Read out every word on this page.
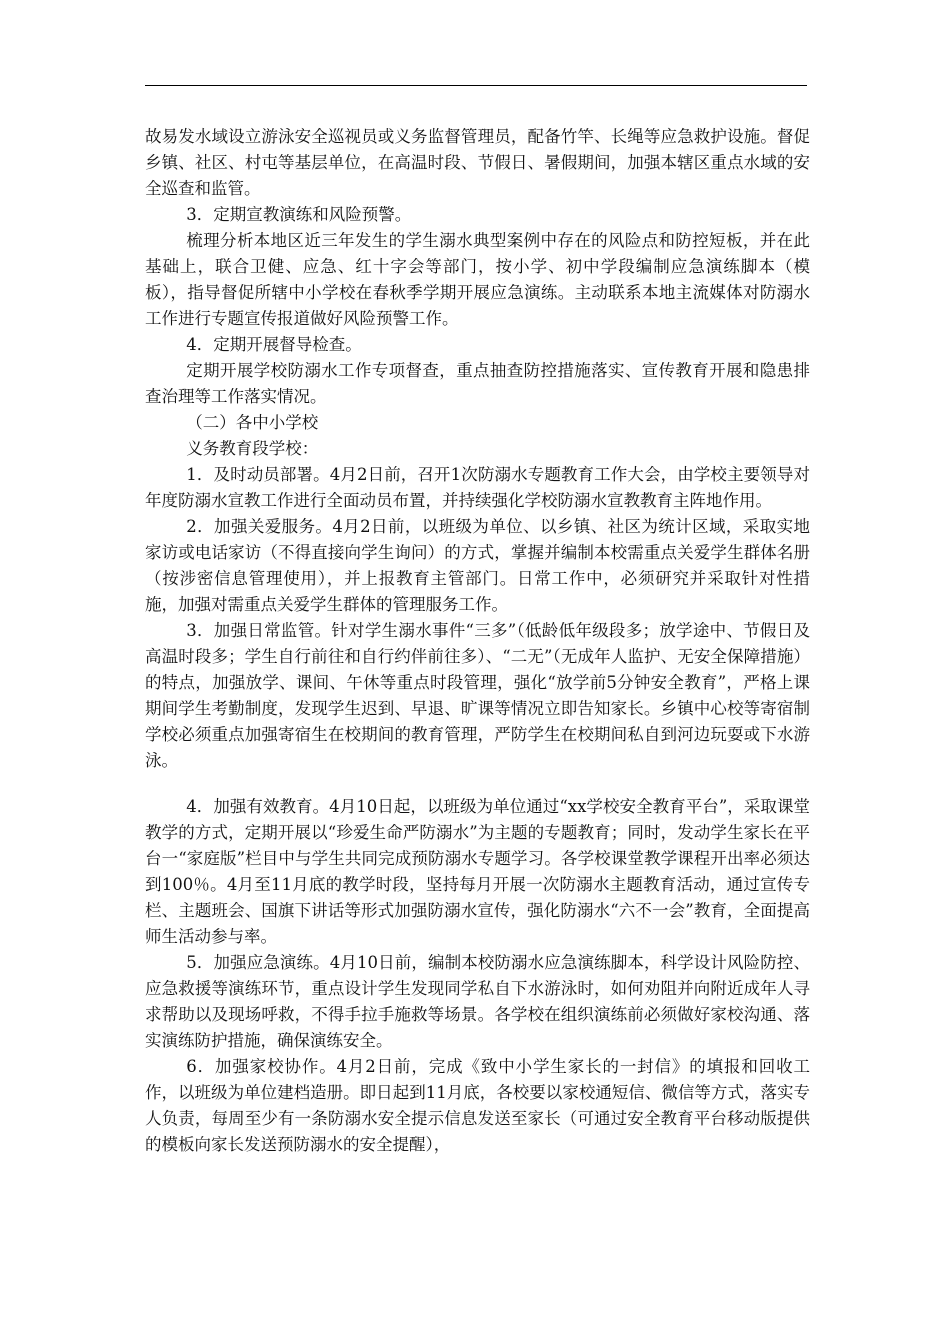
故易发水域设立游泳安全巡视员或义务监督管理员，配备竹竿、长绳等应急救护设施。督促乡镇、社区、村屯等基层单位，在高温时段、节假日、暑假期间，加强本辖区重点水域的安全巡查和监管。

3．定期宣教演练和风险预警。

梳理分析本地区近三年发生的学生溺水典型案例中存在的风险点和防控短板，并在此基础上，联合卫健、应急、红十字会等部门，按小学、初中学段编制应急演练脚本（模板），指导督促所辖中小学校在春秋季学期开展应急演练。主动联系本地主流媒体对防溺水工作进行专题宣传报道做好风险预警工作。

4．定期开展督导检查。

定期开展学校防溺水工作专项督查，重点抽查防控措施落实、宣传教育开展和隐患排查治理等工作落实情况。

（二）各中小学校

义务教育段学校：

1．及时动员部署。4月2日前，召开1次防溺水专题教育工作大会，由学校主要领导对年度防溺水宣教工作进行全面动员布置，并持续强化学校防溺水宣教教育主阵地作用。

2．加强关爱服务。4月2日前，以班级为单位、以乡镇、社区为统计区域，采取实地家访或电话家访（不得直接向学生询问）的方式，掌握并编制本校需重点关爱学生群体名册（按涉密信息管理使用），并上报教育主管部门。日常工作中，必须研究并采取针对性措施，加强对需重点关爱学生群体的管理服务工作。

3．加强日常监管。针对学生溺水事件“三多”（低龄低年级段多；放学途中、节假日及高温时段多；学生自行前往和自行约伴前往多）、“二无”（无成年人监护、无安全保障措施）的特点，加强放学、课间、午休等重点时段管理，强化“放学前5分钟安全教育”，严格上课期间学生考勤制度，发现学生迟到、早退、旷课等情况立即告知家长。乡镇中心校等寄宿制学校必须重点加强寄宿生在校期间的教育管理，严防学生在校期间私自到河边玩耍或下水游泳。

4．加强有效教育。4月10日起，以班级为单位通过“xx学校安全教育平台”，采取课堂教学的方式，定期开展以“珍爱生命严防溺水”为主题的专题教育；同时，发动学生家长在平台一“家庭版”栏目中与学生共同完成预防溺水专题学习。各学校课堂教学课程开出率必须达到100％。4月至11月底的教学时段，坚持每月开展一次防溺水主题教育活动，通过宣传专栏、主题班会、国旗下讲话等形式加强防溺水宣传，强化防溺水“六不一会”教育，全面提高师生活动参与率。

5．加强应急演练。4月10日前，编制本校防溺水应急演练脚本，科学设计风险防控、应急救援等演练环节，重点设计学生发现同学私自下水游泳时，如何劝阻并向附近成年人寻求帮助以及现场呼救，不得手拉手施救等场景。各学校在组织演练前必须做好家校沟通、落实演练防护措施，确保演练安全。

6．加强家校协作。4月2日前，完成《致中小学生家长的一封信》的填报和回收工作，以班级为单位建档造册。即日起到11月底，各校要以家校通短信、微信等方式，落实专人负责，每周至少有一条防溺水安全提示信息发送至家长（可通过安全教育平台移动版提供的模板向家长发送预防溺水的安全提醒），
